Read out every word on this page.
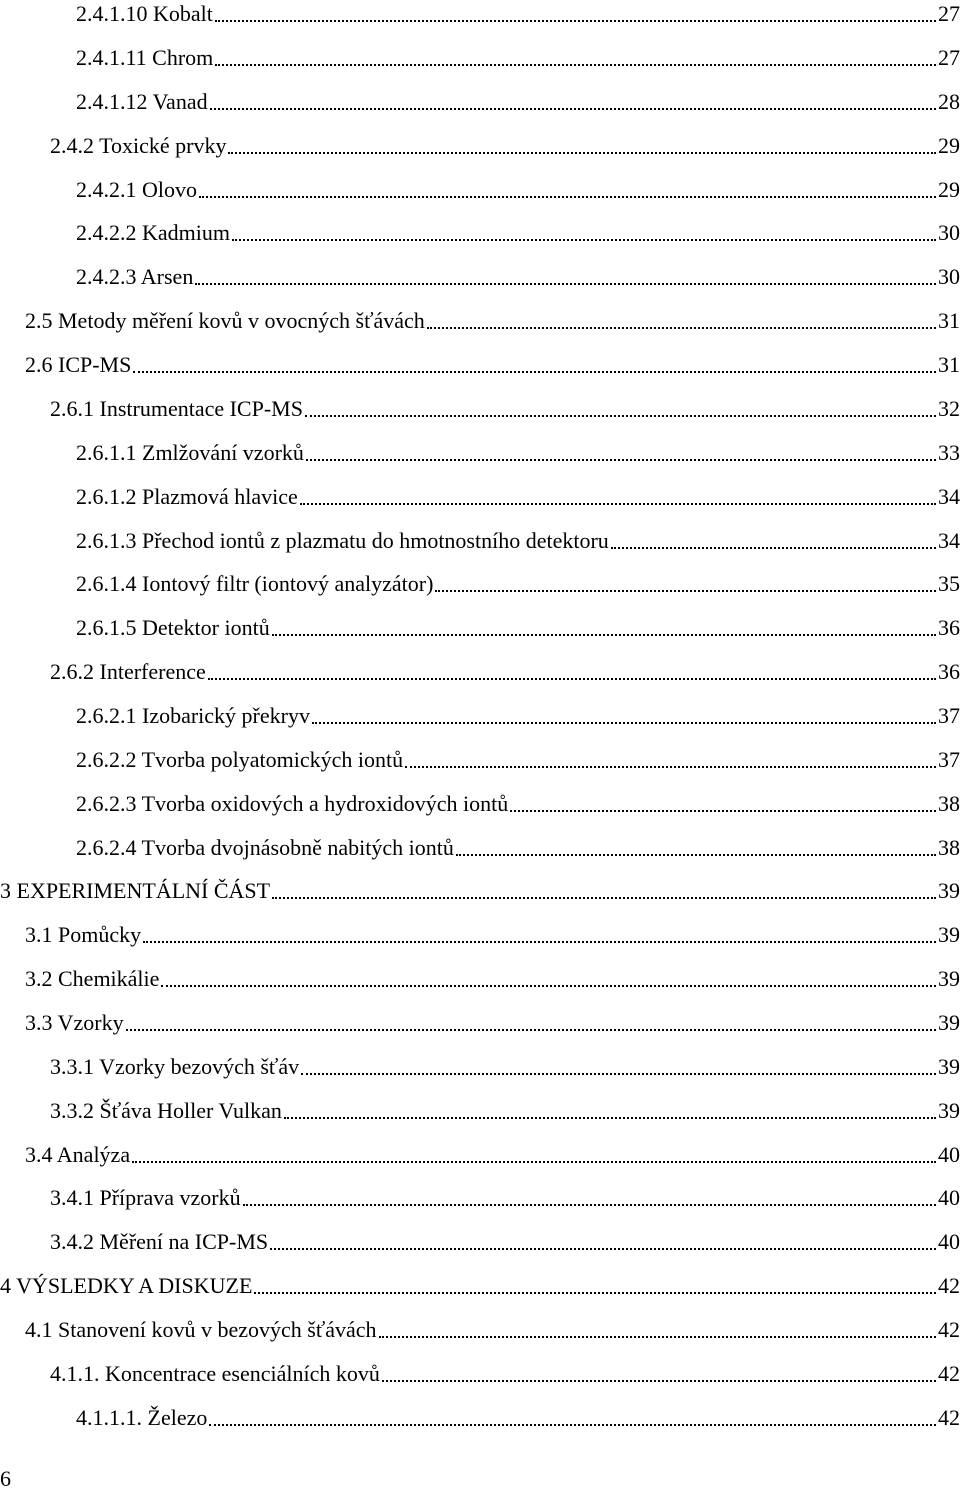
2.4.1.10 Kobalt	27
2.4.1.11 Chrom	27
2.4.1.12 Vanad	28
2.4.2 Toxické prvky	29
2.4.2.1 Olovo	29
2.4.2.2 Kadmium	30
2.4.2.3 Arsen	30
2.5 Metody měření kovů v ovocných šťávách	31
2.6 ICP-MS	31
2.6.1 Instrumentace ICP-MS	32
2.6.1.1 Zmlžování vzorků	33
2.6.1.2 Plazmová hlavice	34
2.6.1.3 Přechod iontů z plazmatu do hmotnostního detektoru	34
2.6.1.4 Iontový filtr (iontový analyzátor)	35
2.6.1.5 Detektor iontů	36
2.6.2 Interference	36
2.6.2.1 Izobarický překryv	37
2.6.2.2 Tvorba polyatomických iontů	37
2.6.2.3 Tvorba oxidových a hydroxidových iontů	38
2.6.2.4 Tvorba dvojnásobně nabitých iontů	38
3 EXPERIMENTÁLNÍ ČÁST	39
3.1 Pomůcky	39
3.2 Chemikálie	39
3.3 Vzorky	39
3.3.1 Vzorky bezových šťáv	39
3.3.2 Šťáva Holler Vulkan	39
3.4 Analýza	40
3.4.1 Příprava vzorků	40
3.4.2 Měření na ICP-MS	40
4 VÝSLEDKY A DISKUZE	42
4.1 Stanovení kovů v bezových šťávách	42
4.1.1. Koncentrace esenciálních kovů	42
4.1.1.1. Železo	42
6
